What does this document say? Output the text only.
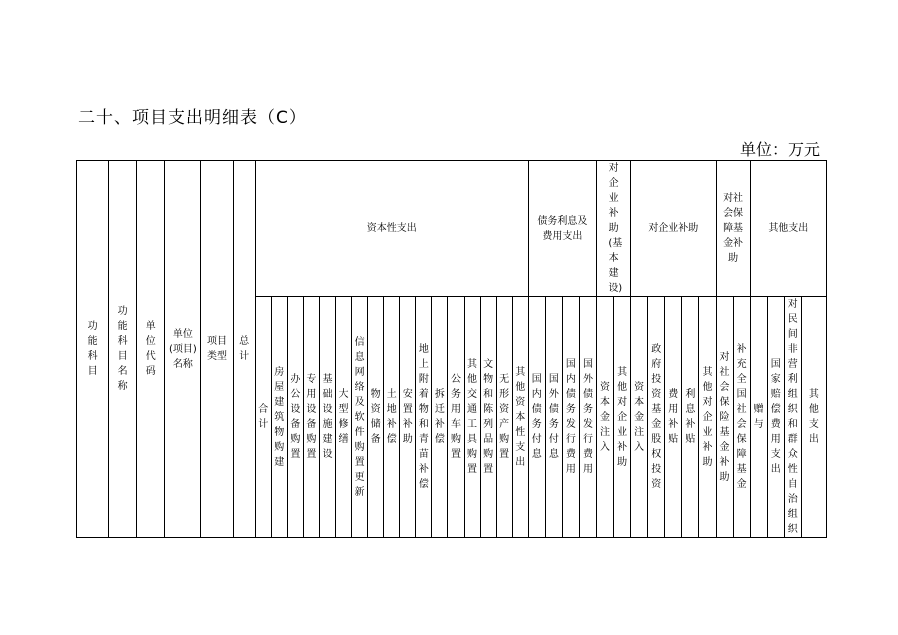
二十、项目支出明细表（C）
单位：万元
功能科目	功能科目名称	单位代码	单位(项目)名称	项目类型	总计	资本性支出																	债务利息及费用支出				对企业补助(基本建设)		对企业补助					对社会保障基金补助		其他支出			
						合计	房屋建筑物购建	办公设备购置	专用设备购置	基础设施建设	大型修缮	信息网络及软件购置更新	物资储备	土地补偿	安置补助	地上附着物和青苗补偿	拆迁补偿	公务用车购置	其他交通工具购置	文物和陈列品购置	无形资产购置	其他资本性支出	国内债务付息	国外债务付息	国内债务发行费用	国外债务发行费用	资本金注入	其他对企业补助	资本金注入	政府投资基金股权投资	费用补贴	利息补贴	其他对企业补助	对社会保险基金补助	补充全国社会保障基金	赠与	国家赔偿费用支出	对民间非营利组织和群众性自治组织	其他支出
